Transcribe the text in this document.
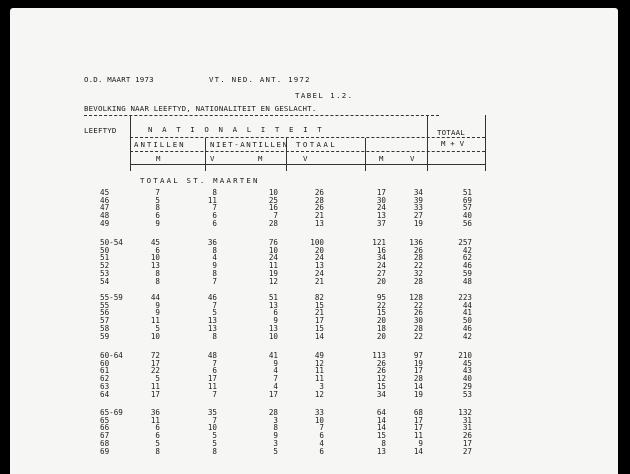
O.D. MAART 1973	VT. NED. ANT. 1972
TABEL 1.2.
BEVOLKING NAAR LEEFTYD, NATIONALITEIT EN GESLACHT.
LEEFTYD	N A T I O N A L I T E I T
ANTILLEN	NIET-ANTILLEN TOTAAL
TOTAAL
M + V
M	V	M	V	M	V
TOTAAL ST. MAARTEN
45	7	8	10	26	17	34	51
46	5	11	25	28	30	39	69
47	8	7	16	26	24	33	57
48	6	6	7	21	13	27	40
49	9	6	28	13	37	19	56
50-54	45	36	76	100	121	136	257
50	6	8	10	20	16	26	42
51	10	4	24	24	34	28	62
52	13	9	11	13	24	22	46
53	8	8	19	24	27	32	59
54	8	7	12	21	20	28	48
55-59	44	46	51	82	95	128	223
55	9	7	13	15	22	22	44
56	9	5	6	21	15	26	41
57	11	13	9	17	20	30	50
58	5	13	13	15	18	28	46
59	10	8	10	14	20	22	42
60-64	72	48	41	49	113	97	210
60	17	7	9	12	26	19	45
61	22	6	4	11	26	17	43
62	5	17	7	11	12	28	40
63	11	11	4	3	15	14	29
64	17	7	17	12	34	19	53
65-69	36	35	28	33	64	68	132
65	11	7	3	10	14	17	31
66	6	10	8	7	14	17	31
67	6	5	9	6	15	11	26
68	5	5	3	4	8	9	17
69	8	8	5	6	13	14	27
